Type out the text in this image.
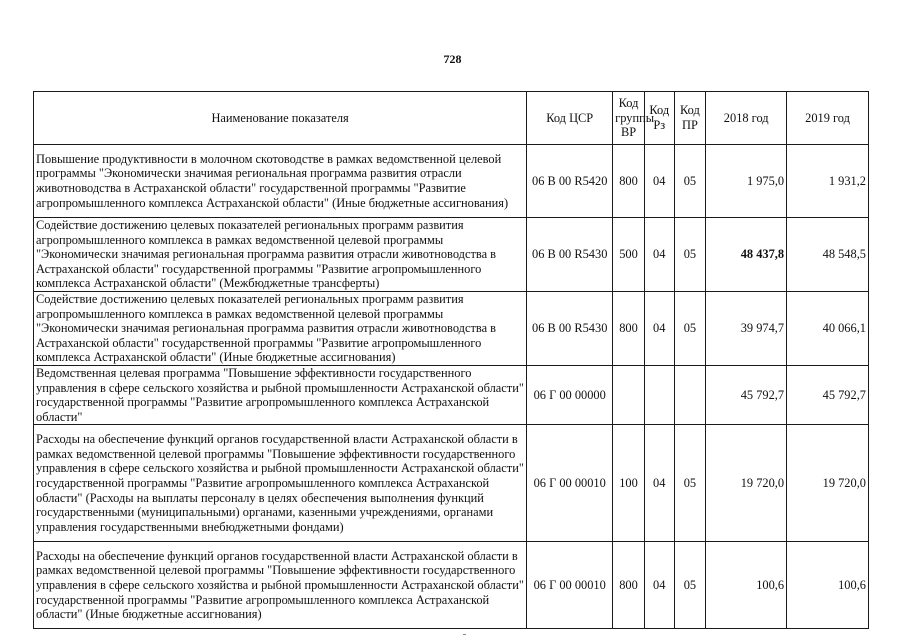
728
Наименование показателя	Код ЦСР	Код группы ВР	Код Рз	Код ПР	2018 год	2019 год
Повышение продуктивности в молочном скотоводстве в рамках ведомственной целевой программы "Экономически значимая региональная программа развития отрасли животноводства в Астраханской области" государственной программы "Развитие агропромышленного комплекса Астраханской области" (Иные бюджетные ассигнования)	06 В 00 R5420	800	04	05	1 975,0	1 931,2
Содействие достижению целевых показателей региональных программ развития агропромышленного комплекса в рамках ведомственной целевой программы "Экономически значимая региональная программа развития отрасли животноводства в Астраханской области" государственной программы "Развитие агропромышленного комплекса Астраханской области" (Межбюджетные трансферты)	06 В 00 R5430	500	04	05	48 437,8	48 548,5
Содействие достижению целевых показателей региональных программ развития агропромышленного комплекса в рамках ведомственной целевой программы "Экономически значимая региональная программа развития отрасли животноводства в Астраханской области" государственной программы "Развитие агропромышленного комплекса Астраханской области" (Иные бюджетные ассигнования)	06 В 00 R5430	800	04	05	39 974,7	40 066,1
Ведомственная целевая программа "Повышение эффективности государственного управления в сфере сельского хозяйства и рыбной промышленности Астраханской области" государственной программы "Развитие агропромышленного комплекса Астраханской области"	06 Г 00 00000				45 792,7	45 792,7
Расходы на обеспечение функций органов государственной власти Астраханской области в рамках ведомственной целевой программы "Повышение эффективности государственного управления в сфере сельского хозяйства и рыбной промышленности Астраханской области" государственной программы "Развитие агропромышленного комплекса Астраханской области" (Расходы на выплаты персоналу в целях обеспечения выполнения функций государственными (муниципальными) органами, казенными учреждениями, органами управления государственными внебюджетными фондами)	06 Г 00 00010	100	04	05	19 720,0	19 720,0
Расходы на обеспечение функций органов государственной власти Астраханской области в рамках ведомственной целевой программы "Повышение эффективности государственного управления в сфере сельского хозяйства и рыбной промышленности Астраханской области" государственной программы "Развитие агропромышленного комплекса Астраханской области" (Иные бюджетные ассигнования)	06 Г 00 00010	800	04	05	100,6	100,6
